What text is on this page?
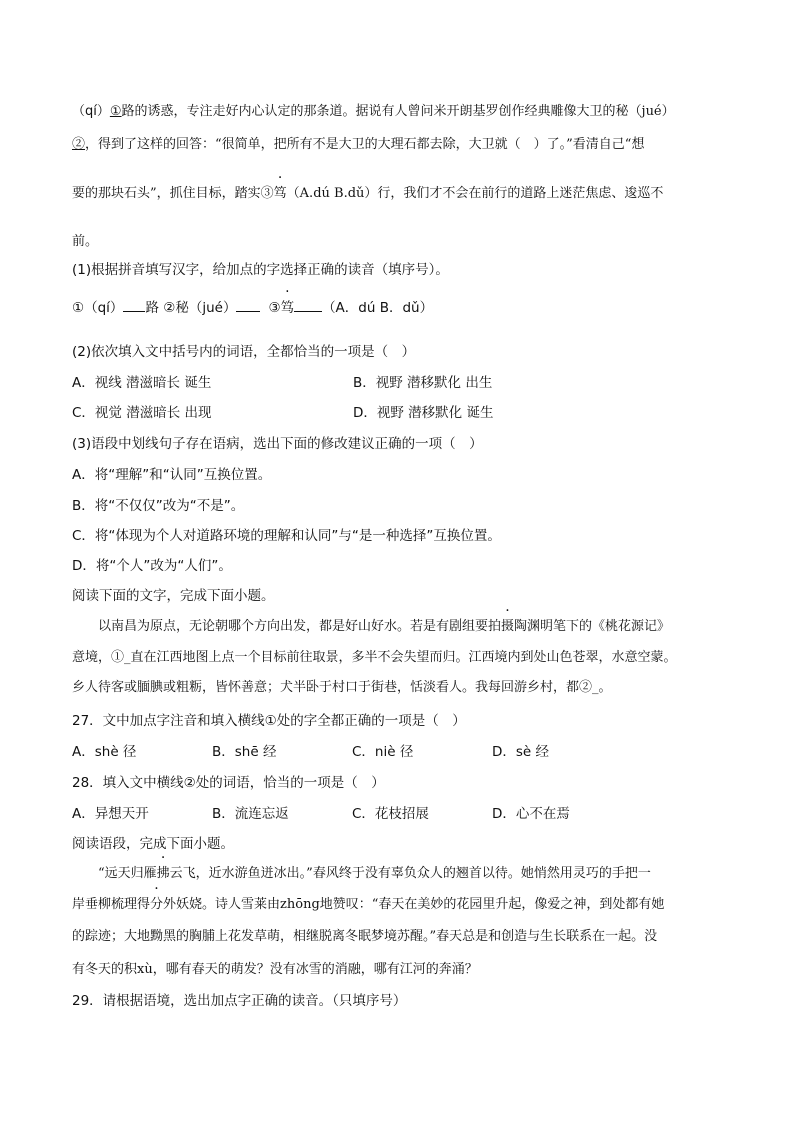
（qí）①路的诱惑，专注走好内心认定的那条道。据说有人曾问米开朗基罗创作经典雕像大卫的秘（jué）
②，得到了这样的回答：“很简单，把所有不是大卫的大理石都去除，大卫就（　）了。”看清自己“想
要的那块石头”，抓住目标，踏实③笃（A.dú B.dǔ）行，我们才不会在前行的道路上迷茫焦虑、逡巡不
前。
(1)根据拼音填写汉字，给加点的字选择正确的读音（填序号）。
①（qí） 路 ②秘（jué） ③笃 （A．dú B．dǔ）
(2)依次填入文中括号内的词语，全都恰当的一项是（　）
A．视线 潜滋暗长 诞生	B．视野 潜移默化 出生
C．视觉 潜滋暗长 出现	D．视野 潜移默化 诞生
(3)语段中划线句子存在语病，选出下面的修改建议正确的一项（　）
A．将“理解”和“认同”互换位置。
B．将“不仅仅”改为“不是”。
C．将“体现为个人对道路环境的理解和认同”与“是一种选择”互换位置。
D．将“个人”改为“人们”。
阅读下面的文字，完成下面小题。
以南昌为原点，无论朝哪个方向出发，都是好山好水。若是有剧组要拍摄陶渊明笔下的《桃花源记》
意境，①_直在江西地图上点一个目标前往取景，多半不会失望而归。江西境内到处山色苍翠，水意空蒙。
乡人待客或腼腆或粗粝，皆怀善意；犬半卧于村口于街巷，恬淡看人。我每回游乡村，都②_。
27．文中加点字注音和填入横线①处的字全都正确的一项是（　）
A．shè 径	B．shē 经	C．niè 径	D．sè 经
28．填入文中横线②处的词语，恰当的一项是（　）
A．异想天开	B．流连忘返	C．花枝招展	D．心不在焉
阅读语段，完成下面小题。
“远天归雁拂云飞，近水游鱼迸冰出。”春风终于没有辜负众人的翘首以待。她悄然用灵巧的手把一
岸垂柳梳理得分外妖娆。诗人雪莱由zhōng地赞叹：“春天在美妙的花园里升起，像爱之神，到处都有她
的踪迹；大地黝黑的胸脯上花发草萌，相继脱离冬眠梦境苏醒。”春天总是和创造与生长联系在一起。没
有冬天的积xù，哪有春天的萌发？没有冰雪的消融，哪有江河的奔涌？
29．请根据语境，选出加点字正确的读音。（只填序号）
